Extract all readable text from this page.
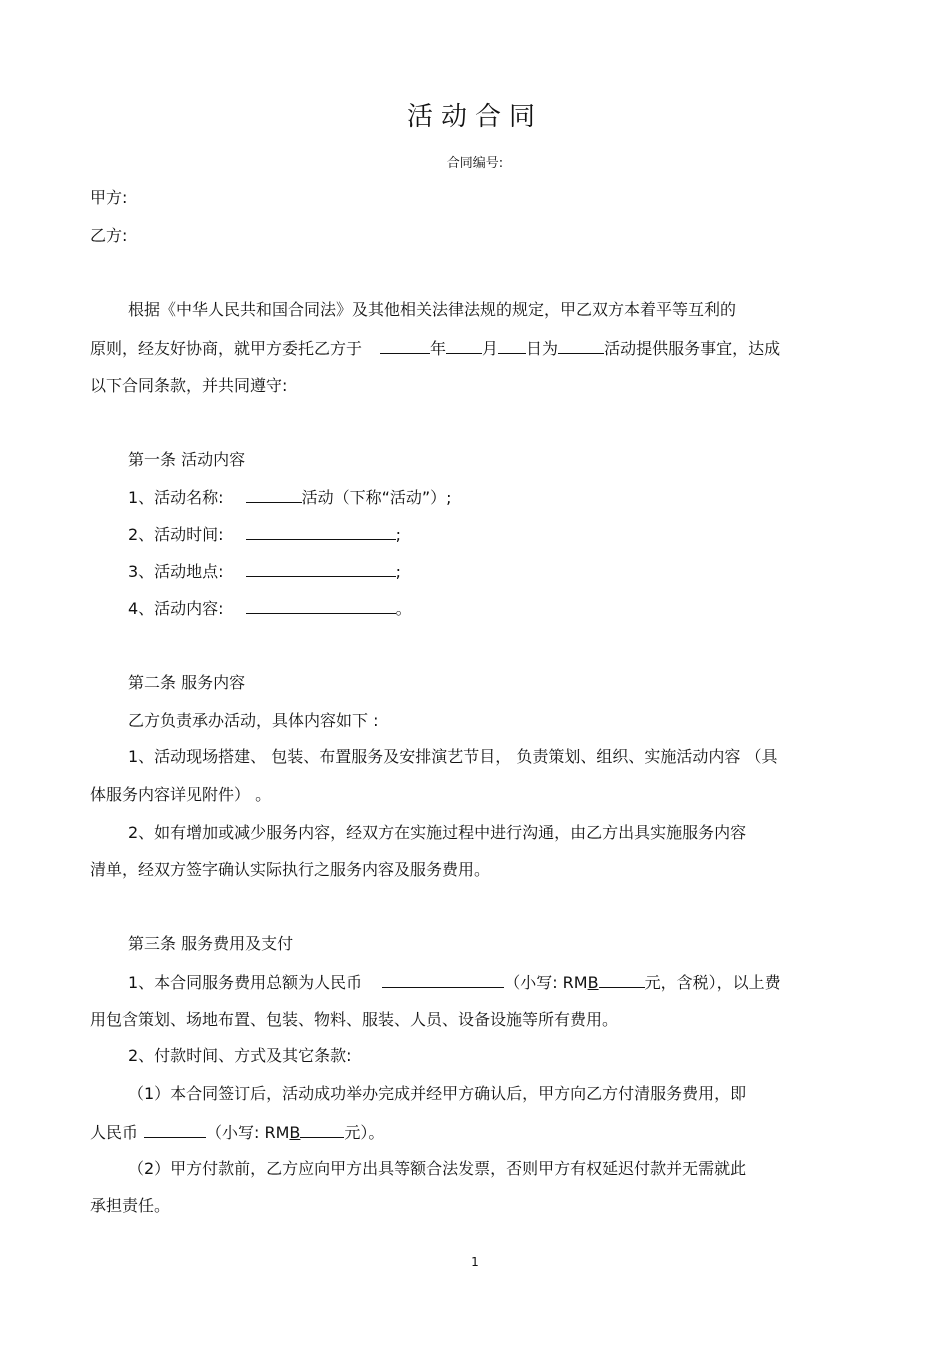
活动合同
合同编号:
甲方:
乙方:
根据《中华人民共和国合同法》及其他相关法律法规的规定，甲乙双方本着平等互利的
原则，经友好协商，就甲方委托乙方于	年 月 日为	活动提供服务事宜，达成
以下合同条款，并共同遵守:
第一条 活动内容
1、活动名称:	活动（下称“活动”）;
2、活动时间:	;
3、活动地点:	;
4、活动内容:	。
第二条 服务内容
乙方负责承办活动，具体内容如下 :
1、活动现场搭建、 包装、布置服务及安排演艺节目， 负责策划、组织、实施活动内容 （具
体服务内容详见附件） 。
2、如有增加或减少服务内容，经双方在实施过程中进行沟通，由乙方出具实施服务内容
清单，经双方签字确认实际执行之服务内容及服务费用。
第三条 服务费用及支付
1、本合同服务费用总额为人民币	（小写: RMB	元，含税），以上费
用包含策划、场地布置、包装、物料、服装、人员、设备设施等所有费用。
2、付款时间、方式及其它条款:
（1）本合同签订后，活动成功举办完成并经甲方确认后，甲方向乙方付清服务费用，即
人民币	（小写: RMB	元）。
（2）甲方付款前，乙方应向甲方出具等额合法发票，否则甲方有权延迟付款并无需就此
承担责任。
1
